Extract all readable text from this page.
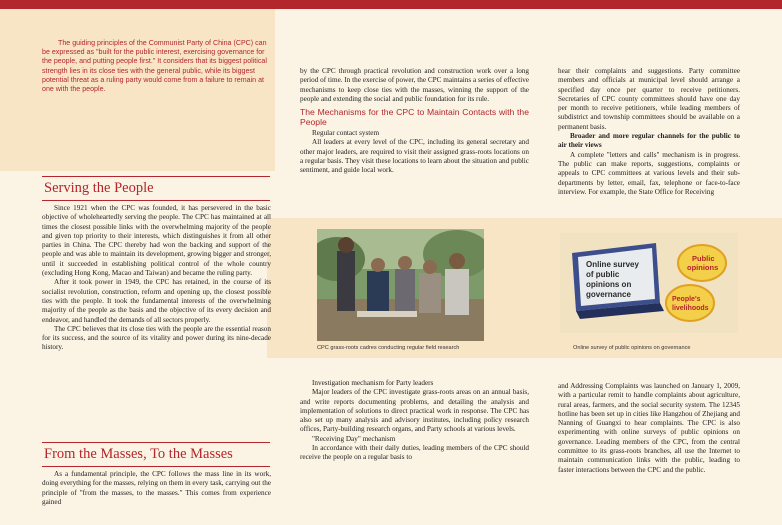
The guiding principles of the Communist Party of China (CPC) can be expressed as "built for the public interest, exercising governance for the people, and putting people first." It considers that its biggest political strength lies in its close ties with the general public, while its biggest potential threat as a ruling party would come from a failure to remain at one with the people.
Serving the People

Since 1921 when the CPC was founded, it has persevered in the basic objective of wholeheartedly serving the people. The CPC has maintained at all times the closest possible links with the overwhelming majority of the people and given top priority to their interests, which distinguishes it from all other parties in China. The CPC thereby had won the backing and support of the people and was able to maintain its development, growing bigger and stronger, until it succeeded in establishing political control of the whole country (excluding Hong Kong, Macao and Taiwan) and became the ruling party.

After it took power in 1949, the CPC has retained, in the course of its socialist revolution, construction, reform and opening up, the closest possible ties with the people. It took the fundamental interests of the overwhelming majority of the people as the basis and the objective of its every decision and endeavor, and handled the demands of all sectors properly.

The CPC believes that its close ties with the people are the essential reason for its success, and the source of its vitality and power during its nine-decade history.

From the Masses, To the Masses

As a fundamental principle, the CPC follows the mass line in its work, doing everything for the masses, relying on them in every task, carrying out the principle of "from the masses, to the masses." This comes from experience gained

by the CPC through practical revolution and construction work over a long period of time. In the exercise of power, the CPC maintains a series of effective mechanisms to keep close ties with the masses, winning the support of the people and extending the social and public foundation for its rule.

The Mechanisms for the CPC to Maintain Contacts with the People

Regular contact system

All leaders at every level of the CPC, including its general secretary and other major leaders, are required to visit their assigned grass-roots locations on a regular basis. They visit these locations to learn about the situation and public sentiment, and guide local work.

hear their complaints and suggestions. Party committee members and officials at municipal level should arrange a specified day once per quarter to receive petitioners. Secretaries of CPC county committees should have one day per month to receive petitioners, while leading members of subdistrict and township committees should be available on a permanent basis.

Broader and more regular channels for the public to air their views

A complete "letters and calls" mechanism is in progress. The public can make reports, suggestions, complaints or appeals to CPC committees at various levels and their sub-departments by letter, email, fax, telephone or face-to-face interview. For example, the State Office for Receiving

CPC grass-roots cadres conducting regular field research
Online survey
of public
opinions on
governance
Public
opinions
People's
livelihoods
Online survey of public opinions on governance

Investigation mechanism for Party leaders

Major leaders of the CPC investigate grass-roots areas on an annual basis, and write reports documenting problems, and detailing the analysis and implementation of solutions to direct practical work in response. The CPC has also set up many analysis and advisory institutes, including policy research offices, Party-building research organs, and Party schools at various levels.

"Receiving Day" mechanism

In accordance with their daily duties, leading members of the CPC should receive the people on a regular basis to

and Addressing Complaints was launched on January 1, 2009, with a particular remit to handle complaints about agriculture, rural areas, farmers, and the social security system. The 12345 hotline has been set up in cities like Hangzhou of Zhejiang and Nanning of Guangxi to hear complaints. The CPC is also experimenting with online surveys of public opinions on governance. Leading members of the CPC, from the central committee to its grass-roots branches, all use the Internet to maintain communication links with the public, leading to faster interactions between the CPC and the public.
